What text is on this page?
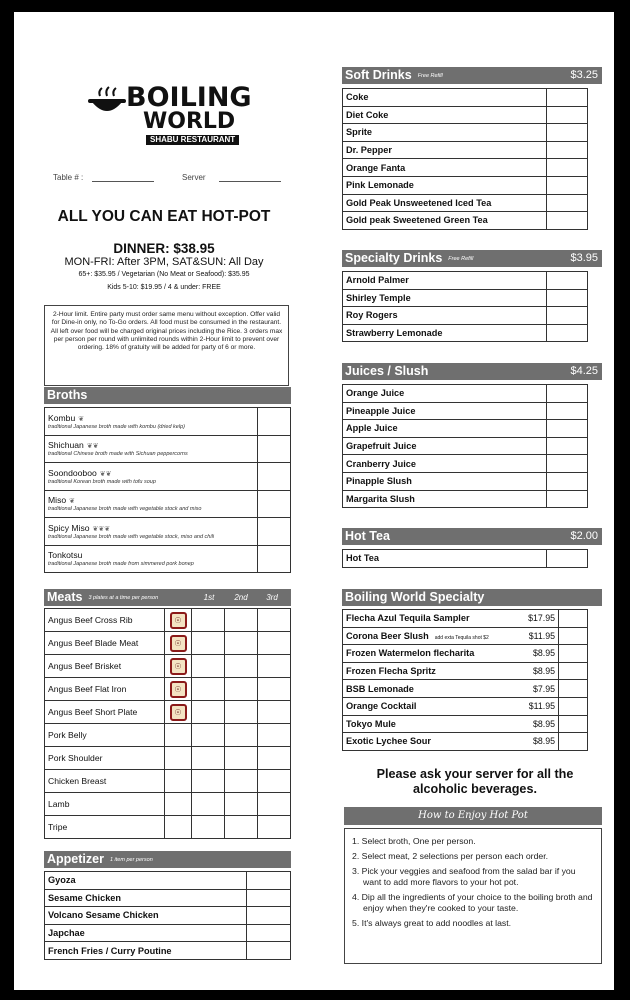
BOILING
WORLD
SHABU RESTAURANT
Table # :	Server
ALL YOU CAN EAT HOT-POT
DINNER: $38.95
MON-FRI: After 3PM, SAT&SUN: All Day
65+: $35.95 / Vegetarian (No Meat or Seafood): $35.95
Kids 5-10: $19.95 / 4 & under: FREE
2-Hour limit. Entire party must order same menu without exception. Offer valid for Dine-in only, no To-Go orders. All food must be consumed in the restaurant. All left over food will be charged original prices including the Rice. 3 orders max per person per round with unlimited rounds within 2-Hour limit to prevent over ordering. 18% of gratuity will be added for party of 6 or more.
Broths
Kombu ❦
traditional Japanese broth made with kombu (dried kelp)	

Shichuan ❦❦
traditional Chinese broth made with Sichuan peppercorns	

Soondooboo ❦❦
traditional Korean broth made with tofu soup	

Miso ❦
traditional Japanese broth made with vegetable stock and miso	

Spicy Miso ❦❦❦
traditional Japanese broth made with vegetable stock, miso and chili	

Tonkotsu
traditional Japanese broth made from simmered pork bonep	

Meats 3 plates at a time per person	1st	2nd	3rd
Angus Beef Cross Rib	☉			
Angus Beef Blade Meat	☉			
Angus Beef Brisket	☉			
Angus Beef Flat Iron	☉			
Angus Beef Short Plate	☉			
Pork Belly				
Pork Shoulder				
Chicken Breast				
Lamb				
Tripe				
Appetizer 1 item per person
Gyoza	
Sesame Chicken	
Volcano Sesame Chicken	
Japchae	
French Fries / Curry Poutine	
Soft Drinks Free Refill	$3.25
Coke	
Diet Coke	
Sprite	
Dr. Pepper	
Orange Fanta	
Pink Lemonade	
Gold Peak Unsweetened Iced Tea	
Gold peak Sweetened Green Tea	
Specialty Drinks Free Refill	$3.95
Arnold Palmer	
Shirley Temple	
Roy Rogers	
Strawberry Lemonade	
Juices / Slush	$4.25
Orange Juice	
Pineapple Juice	
Apple Juice	
Grapefruit Juice	
Cranberry Juice	
Pinapple Slush	
Margarita Slush	
Hot Tea	$2.00
Hot Tea	
Boiling World Specialty
Flecha Azul Tequila Sampler	$17.95	
Corona Beer Slush add exta Tequila shot $2	$11.95	
Frozen Watermelon flecharita	$8.95	
Frozen Flecha Spritz	$8.95	
BSB Lemonade	$7.95	
Orange Cocktail	$11.95	
Tokyo Mule	$8.95	
Exotic Lychee Sour	$8.95	
Please ask your server for all the alcoholic beverages.
How to Enjoy Hot Pot
1. Select broth, One per person.
2. Select meat, 2 selections per person each order.
3. Pick your veggies and seafood from the salad bar if you want to add more flavors to your hot pot.
4. Dip all the ingredients of your choice to the boiling broth and enjoy when they're cooked to your taste.
5. It's always great to add noodles at last.
